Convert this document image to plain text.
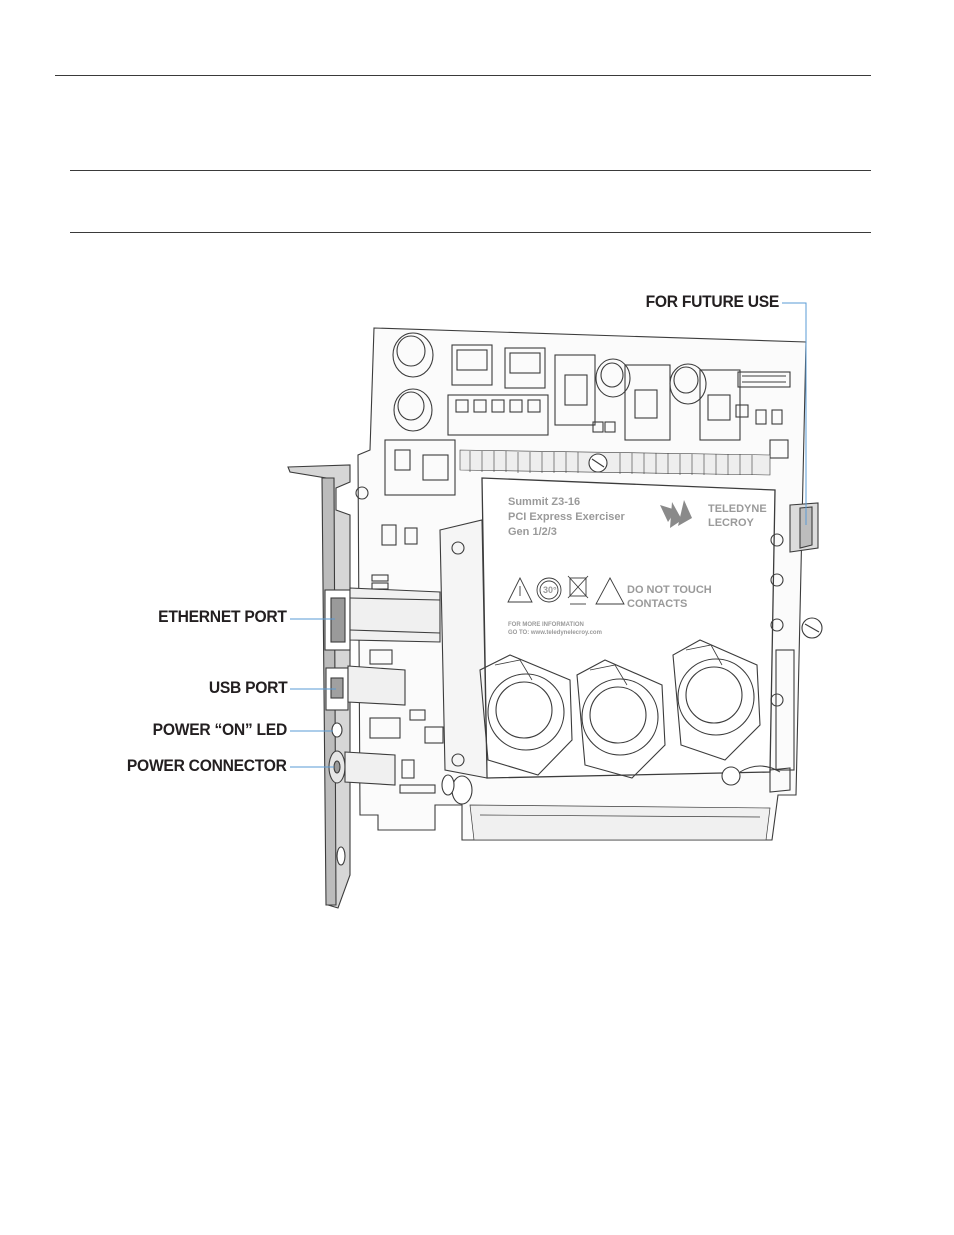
Summit Z3-16
PCI Express Exerciser
Gen 1/2/3
TELEDYNE
LECROY
DO NOT TOUCH
CONTACTS
FOR MORE INFORMATION
GO TO: www.teledynelecroy.com
30°
FOR FUTURE USE
ETHERNET PORT
USB PORT
POWER “ON” LED
POWER CONNECTOR
